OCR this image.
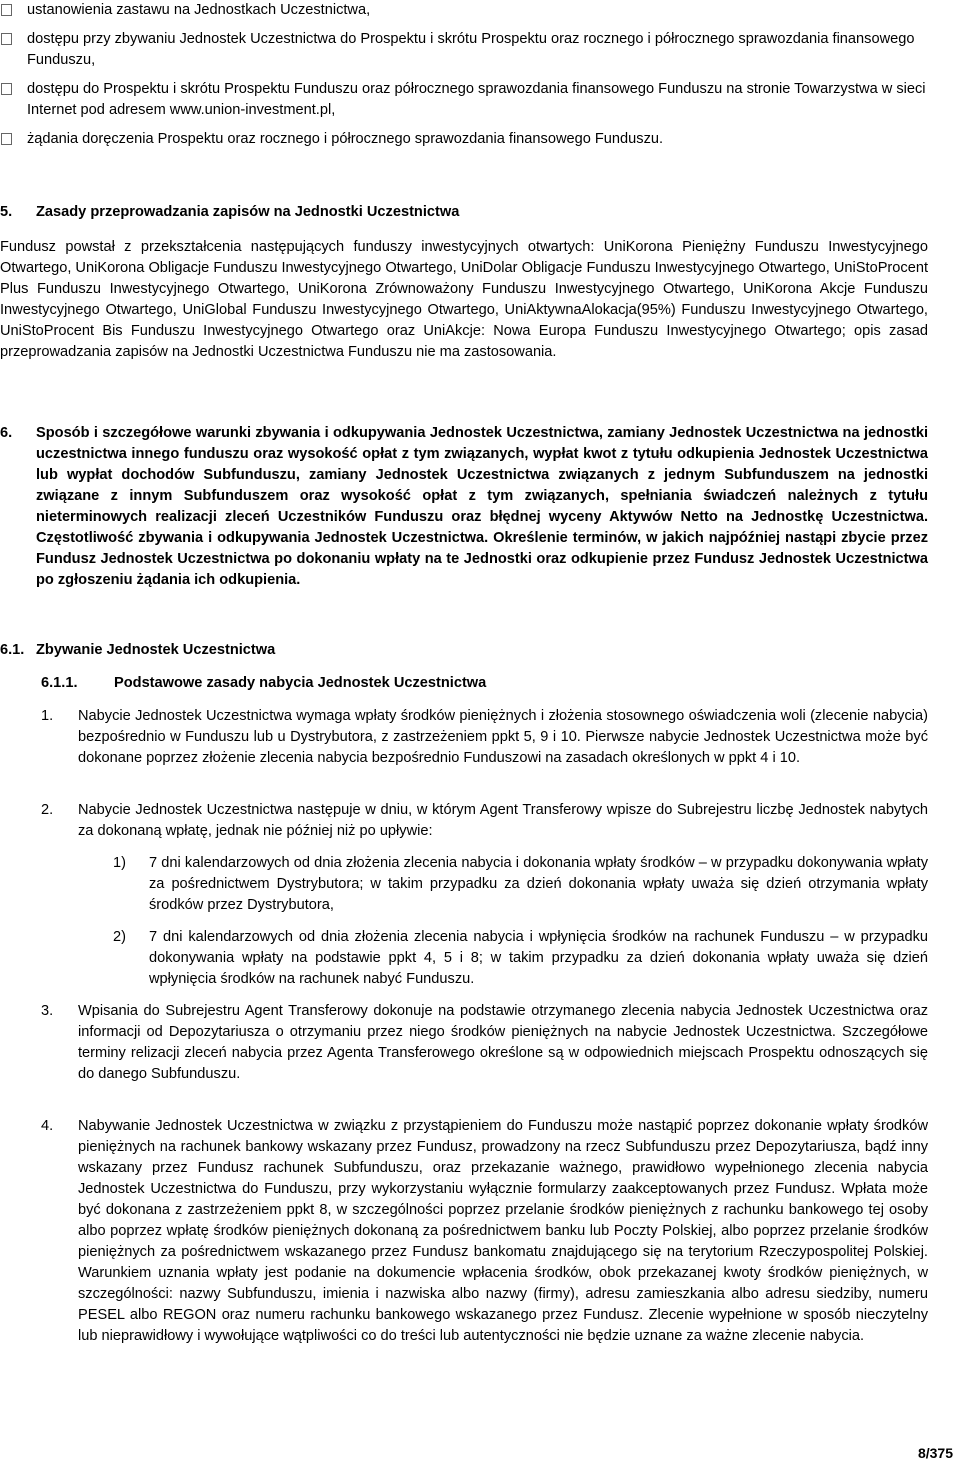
ustanowienia zastawu na Jednostkach Uczestnictwa,
dostępu przy zbywaniu Jednostek Uczestnictwa do Prospektu i skrótu Prospektu oraz rocznego i półrocznego sprawozdania finansowego Funduszu,
dostępu do Prospektu i skrótu Prospektu Funduszu oraz półrocznego sprawozdania finansowego Funduszu na stronie Towarzystwa w sieci Internet pod adresem www.union-investment.pl,
żądania doręczenia Prospektu oraz rocznego i półrocznego sprawozdania finansowego Funduszu.
5. Zasady przeprowadzania zapisów na Jednostki Uczestnictwa
Fundusz powstał z przekształcenia następujących funduszy inwestycyjnych otwartych: UniKorona Pieniężny Funduszu Inwestycyjnego Otwartego, UniKorona Obligacje Funduszu Inwestycyjnego Otwartego, UniDolar Obligacje Funduszu Inwestycyjnego Otwartego, UniStoProcent Plus Funduszu Inwestycyjnego Otwartego, UniKorona Zrównoważony Funduszu Inwestycyjnego Otwartego, UniKorona Akcje Funduszu Inwestycyjnego Otwartego, UniGlobal Funduszu Inwestycyjnego Otwartego, UniAktywnaAlokacja(95%) Funduszu Inwestycyjnego Otwartego, UniStoProcent Bis Funduszu Inwestycyjnego Otwartego oraz UniAkcje: Nowa Europa Funduszu Inwestycyjnego Otwartego; opis zasad przeprowadzania zapisów na Jednostki Uczestnictwa Funduszu nie ma zastosowania.
6.	Sposób i szczegółowe warunki zbywania i odkupywania Jednostek Uczestnictwa, zamiany Jednostek Uczestnictwa na jednostki uczestnictwa innego funduszu oraz wysokość opłat z tym związanych, wypłat kwot z tytułu odkupienia Jednostek Uczestnictwa lub wypłat dochodów Subfunduszu, zamiany Jednostek Uczestnictwa związanych z jednym Subfunduszem na jednostki związane z innym Subfunduszem oraz wysokość opłat z tym związanych, spełniania świadczeń należnych z tytułu nieterminowych realizacji zleceń Uczestników Funduszu oraz błędnej wyceny Aktywów Netto na Jednostkę Uczestnictwa. Częstotliwość zbywania i odkupywania Jednostek Uczestnictwa. Określenie terminów, w jakich najpóźniej nastąpi zbycie przez Fundusz Jednostek Uczestnictwa po dokonaniu wpłaty na te Jednostki oraz odkupienie przez Fundusz Jednostek Uczestnictwa po zgłoszeniu żądania ich odkupienia.
6.1. Zbywanie Jednostek Uczestnictwa
6.1.1. Podstawowe zasady nabycia Jednostek Uczestnictwa
1. Nabycie Jednostek Uczestnictwa wymaga wpłaty środków pieniężnych i złożenia stosownego oświadczenia woli (zlecenie nabycia) bezpośrednio w Funduszu lub u Dystrybutora, z zastrzeżeniem ppkt 5, 9 i 10. Pierwsze nabycie Jednostek Uczestnictwa może być dokonane poprzez złożenie zlecenia nabycia bezpośrednio Funduszowi na zasadach określonych w ppkt 4 i 10.
2. Nabycie Jednostek Uczestnictwa następuje w dniu, w którym Agent Transferowy wpisze do Subrejestru liczbę Jednostek nabytych za dokonaną wpłatę, jednak nie później niż po upływie:
1) 7 dni kalendarzowych od dnia złożenia zlecenia nabycia i dokonania wpłaty środków – w przypadku dokonywania wpłaty za pośrednictwem Dystrybutora; w takim przypadku za dzień dokonania wpłaty uważa się dzień otrzymania wpłaty środków przez Dystrybutora,
2) 7 dni kalendarzowych od dnia złożenia zlecenia nabycia i wpłynięcia środków na rachunek Funduszu – w przypadku dokonywania wpłaty na podstawie ppkt 4, 5 i 8; w takim przypadku za dzień dokonania wpłaty uważa się dzień wpłynięcia środków na rachunek nabyć Funduszu.
3. Wpisania do Subrejestru Agent Transferowy dokonuje na podstawie otrzymanego zlecenia nabycia Jednostek Uczestnictwa oraz informacji od Depozytariusza o otrzymaniu przez niego środków pieniężnych na nabycie Jednostek Uczestnictwa. Szczegółowe terminy relizacji zleceń nabycia przez Agenta Transferowego określone są w odpowiednich miejscach Prospektu odnoszących się do danego Subfunduszu.
4. Nabywanie Jednostek Uczestnictwa w związku z przystąpieniem do Funduszu może nastąpić poprzez dokonanie wpłaty środków pieniężnych na rachunek bankowy wskazany przez Fundusz, prowadzony na rzecz Subfunduszu przez Depozytariusza, bądź inny wskazany przez Fundusz rachunek Subfunduszu, oraz przekazanie ważnego, prawidłowo wypełnionego zlecenia nabycia Jednostek Uczestnictwa do Funduszu, przy wykorzystaniu wyłącznie formularzy zaakceptowanych przez Fundusz. Wpłata może być dokonana z zastrzeżeniem ppkt 8, w szczególności poprzez przelanie środków pieniężnych z rachunku bankowego tej osoby albo poprzez wpłatę środków pieniężnych dokonaną za pośrednictwem banku lub Poczty Polskiej, albo poprzez przelanie środków pieniężnych za pośrednictwem wskazanego przez Fundusz bankomatu znajdującego się na terytorium Rzeczypospolitej Polskiej. Warunkiem uznania wpłaty jest podanie na dokumencie wpłacenia środków, obok przekazanej kwoty środków pieniężnych, w szczególności: nazwy Subfunduszu, imienia i nazwiska albo nazwy (firmy), adresu zamieszkania albo adresu siedziby, numeru PESEL albo REGON oraz numeru rachunku bankowego wskazanego przez Fundusz. Zlecenie wypełnione w sposób nieczytelny lub nieprawidłowy i wywołujące wątpliwości co do treści lub autentyczności nie będzie uznane za ważne zlecenie nabycia.
8/375
